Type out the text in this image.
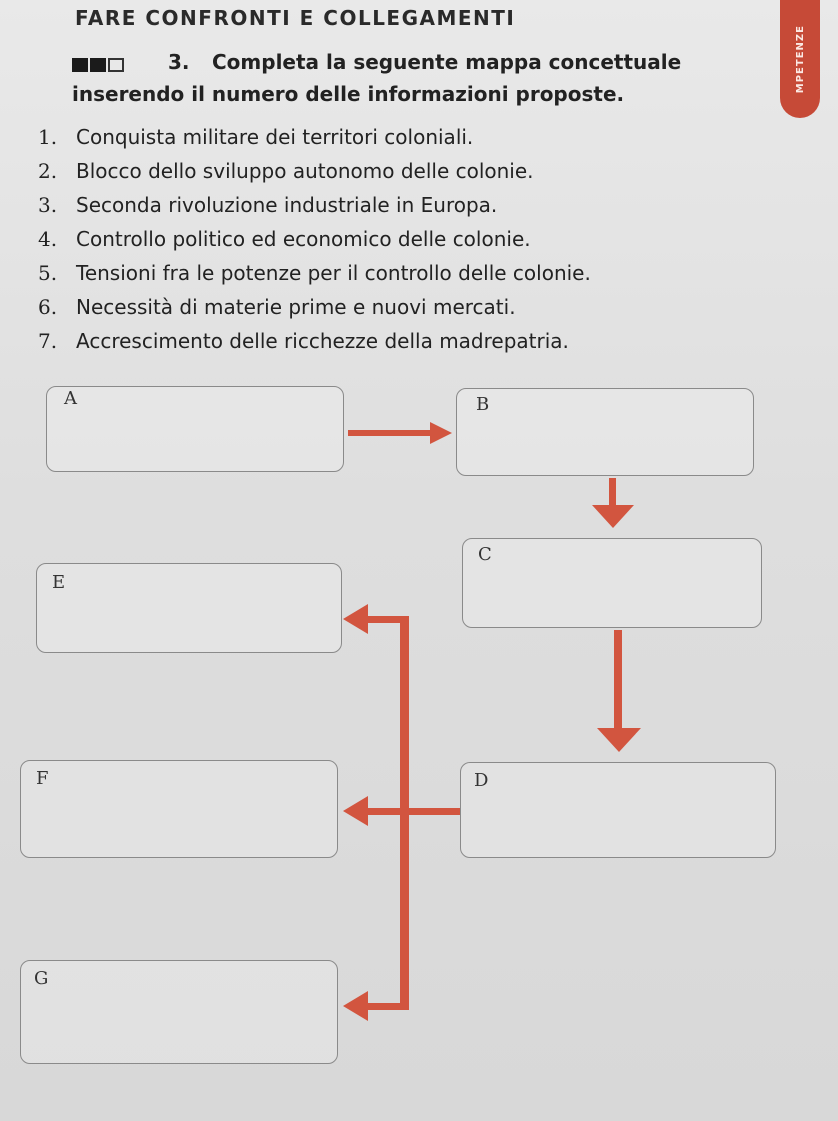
FARE CONFRONTI E COLLEGAMENTI
MPETENZE
3. Completa la seguente mappa concettuale
inserendo il numero delle informazioni proposte.
1. Conquista militare dei territori coloniali.
2. Blocco dello sviluppo autonomo delle colonie.
3. Seconda rivoluzione industriale in Europa.
4. Controllo politico ed economico delle colonie.
5. Tensioni fra le potenze per il controllo delle colonie.
6. Necessità di materie prime e nuovi mercati.
7. Accrescimento delle ricchezze della madrepatria.
A	B
C
E
F	D
G
